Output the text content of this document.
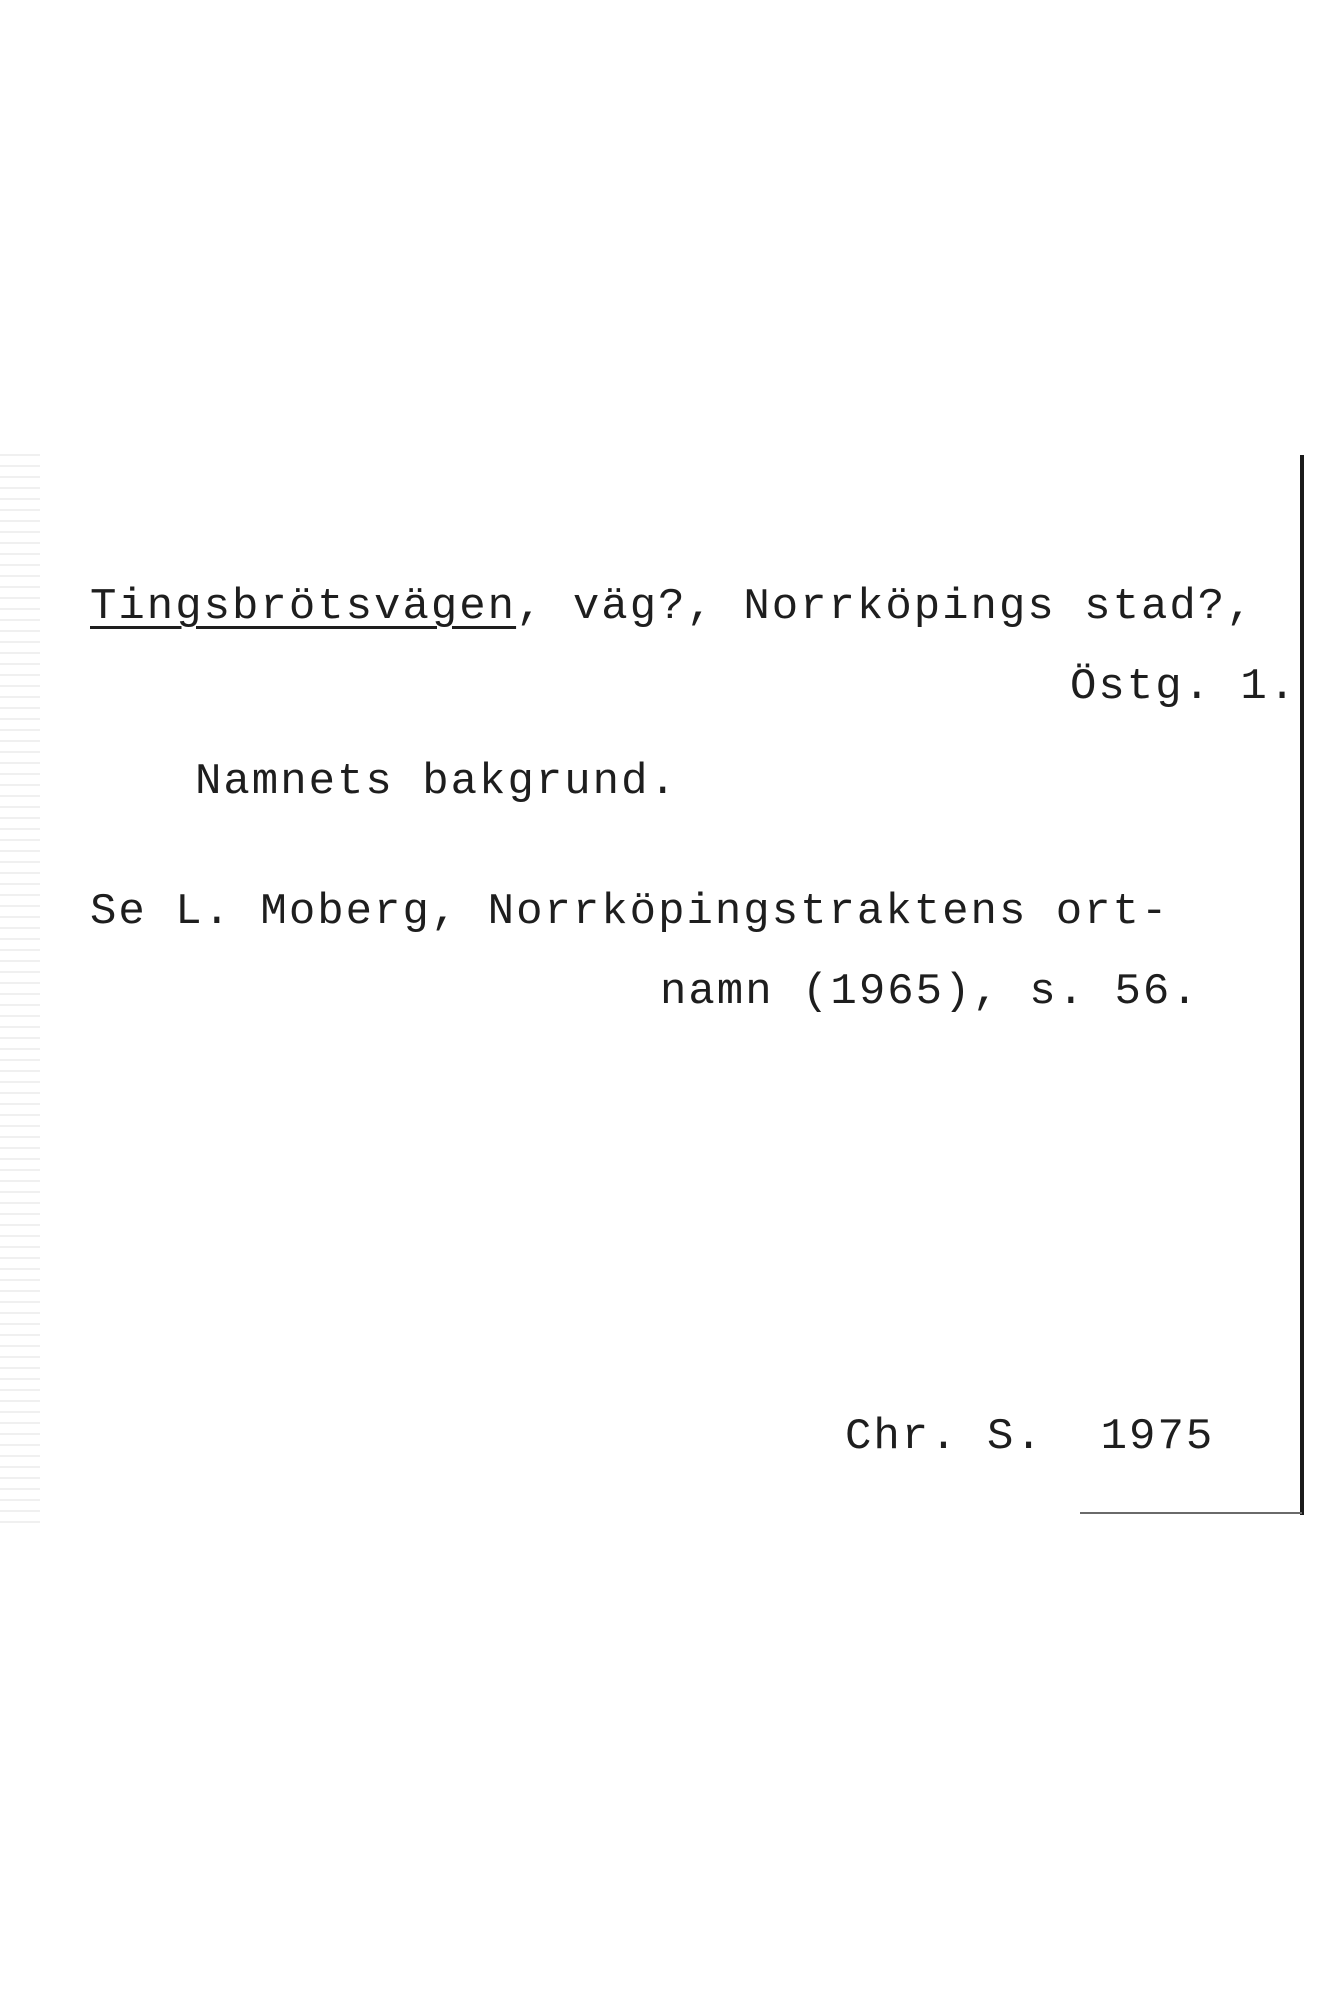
Tingsbrötsvägen, väg?, Norrköpings stad?,
Östg. 1.
Namnets bakgrund.
Se L. Moberg, Norrköpingstraktens ort-
namn (1965), s. 56.
Chr. S. 1975
